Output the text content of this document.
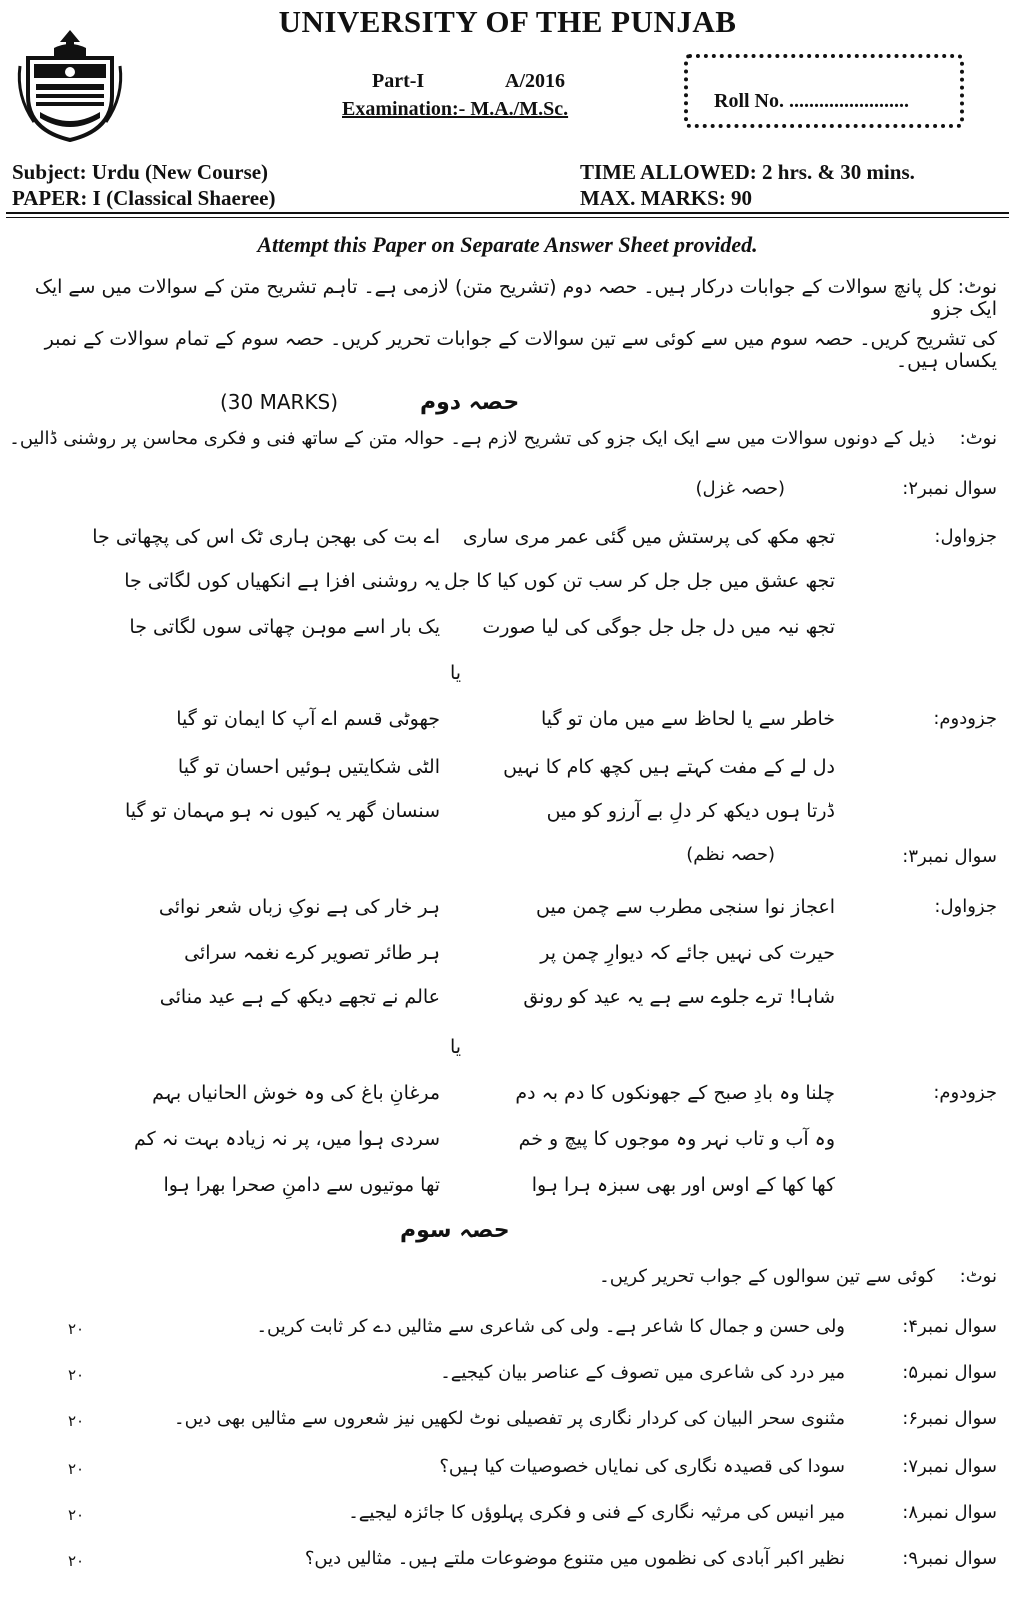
UNIVERSITY OF THE PUNJAB
Part-I	A/2016
Examination:- M.A./M.Sc.	Roll No. ........................
Subject: Urdu (New Course)
PAPER: I (Classical Shaeree)
TIME ALLOWED: 2 hrs. & 30 mins.
MAX. MARKS: 90
Attempt this Paper on Separate Answer Sheet provided.
نوٹ: کل پانچ سوالات کے جوابات درکار ہیں۔ حصہ دوم (تشریح متن) لازمی ہے۔ تاہم تشریح متن کے سوالات میں سے ایک ایک جزو
کی تشریح کریں۔ حصہ سوم میں سے کوئی سے تین سوالات کے جوابات تحریر کریں۔ حصہ سوم کے تمام سوالات کے نمبر یکساں ہیں۔
حصہ دوم
(30 MARKS)
نوٹ:
ذیل کے دونوں سوالات میں سے ایک ایک جزو کی تشریح لازم ہے۔ حوالہ متن کے ساتھ فنی و فکری محاسن پر روشنی ڈالیں۔
سوال نمبر۲:
(حصہ غزل)
جزواول:
تجھ مکھ کی پرستش میں گئی عمر مری ساری
تجھ عشق میں جل جل کر سب تن کوں کیا کا جل
تجھ نیہ میں دل جل جل جوگی کی لیا صورت
اے بت کی بھجن ہاری ٹک اس کی پچھاتی جا
یہ روشنی افزا ہے انکھیاں کوں لگاتی جا
یک بار اسے موہن چھاتی سوں لگاتی جا
یا
جزودوم:
خاطر سے یا لحاظ سے میں مان تو گیا
دل لے کے مفت کہتے ہیں کچھ کام کا نہیں
ڈرتا ہوں دیکھ کر دلِ بے آرزو کو میں
جھوٹی قسم اے آپ کا ایمان تو گیا
الٹی شکایتیں ہوئیں احسان تو گیا
سنسان گھر یہ کیوں نہ ہو مہمان تو گیا
سوال نمبر۳:
(حصہ نظم)
جزواول:
اعجاز نوا سنجی مطرب سے چمن میں
حیرت کی نہیں جائے کہ دیوارِ چمن پر
شاہا! ترے جلوے سے ہے یہ عید کو رونق
ہر خار کی ہے نوکِ زباں شعر نوائی
ہر طائر تصویر کرے نغمہ سرائی
عالم نے تجھے دیکھ کے ہے عید منائی
یا
جزودوم:
چلنا وہ بادِ صبح کے جھونکوں کا دم بہ دم
وہ آب و تاب نہر وہ موجوں کا پیچ و خم
کھا کھا کے اوس اور بھی سبزہ ہرا ہوا
مرغانِ باغ کی وہ خوش الحانیاں بہم
سردی ہوا میں، پر نہ زیادہ بہت نہ کم
تھا موتیوں سے دامنِ صحرا بھرا ہوا
حصہ سوم
نوٹ:
کوئی سے تین سوالوں کے جواب تحریر کریں۔
سوال نمبر۴:
ولی حسن و جمال کا شاعر ہے۔ ولی کی شاعری سے مثالیں دے کر ثابت کریں۔
۲۰
سوال نمبر۵:
میر درد کی شاعری میں تصوف کے عناصر بیان کیجیے۔
۲۰
سوال نمبر۶:
مثنوی سحر البیان کی کردار نگاری پر تفصیلی نوٹ لکھیں نیز شعروں سے مثالیں بھی دیں۔
۲۰
سوال نمبر۷:
سودا کی قصیدہ نگاری کی نمایاں خصوصیات کیا ہیں؟
۲۰
سوال نمبر۸:
میر انیس کی مرثیہ نگاری کے فنی و فکری پہلوؤں کا جائزہ لیجیے۔
۲۰
سوال نمبر۹:
نظیر اکبر آبادی کی نظموں میں متنوع موضوعات ملتے ہیں۔ مثالیں دیں؟
۲۰
